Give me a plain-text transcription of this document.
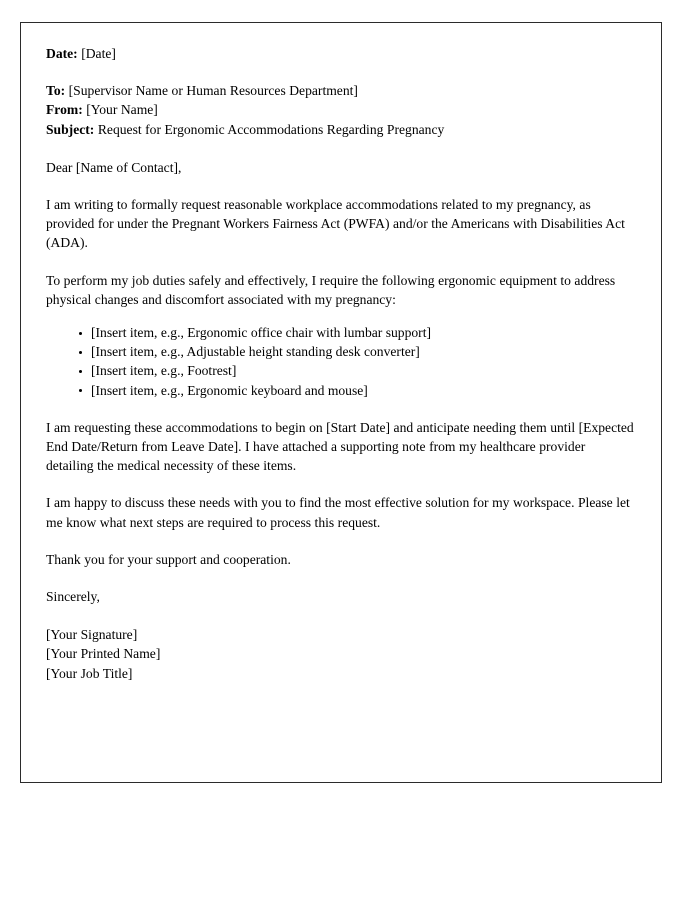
Date: [Date]
To: [Supervisor Name or Human Resources Department]
From: [Your Name]
Subject: Request for Ergonomic Accommodations Regarding Pregnancy
Dear [Name of Contact],

I am writing to formally request reasonable workplace accommodations related to my pregnancy, as provided for under the Pregnant Workers Fairness Act (PWFA) and/or the Americans with Disabilities Act (ADA).

To perform my job duties safely and effectively, I require the following ergonomic equipment to address physical changes and discomfort associated with my pregnancy:

[Insert item, e.g., Ergonomic office chair with lumbar support]
[Insert item, e.g., Adjustable height standing desk converter]
[Insert item, e.g., Footrest]
[Insert item, e.g., Ergonomic keyboard and mouse]

I am requesting these accommodations to begin on [Start Date] and anticipate needing them until [Expected End Date/Return from Leave Date]. I have attached a supporting note from my healthcare provider detailing the medical necessity of these items.

I am happy to discuss these needs with you to find the most effective solution for my workspace. Please let me know what next steps are required to process this request.

Thank you for your support and cooperation.

Sincerely,
[Your Signature]
[Your Printed Name]
[Your Job Title]
